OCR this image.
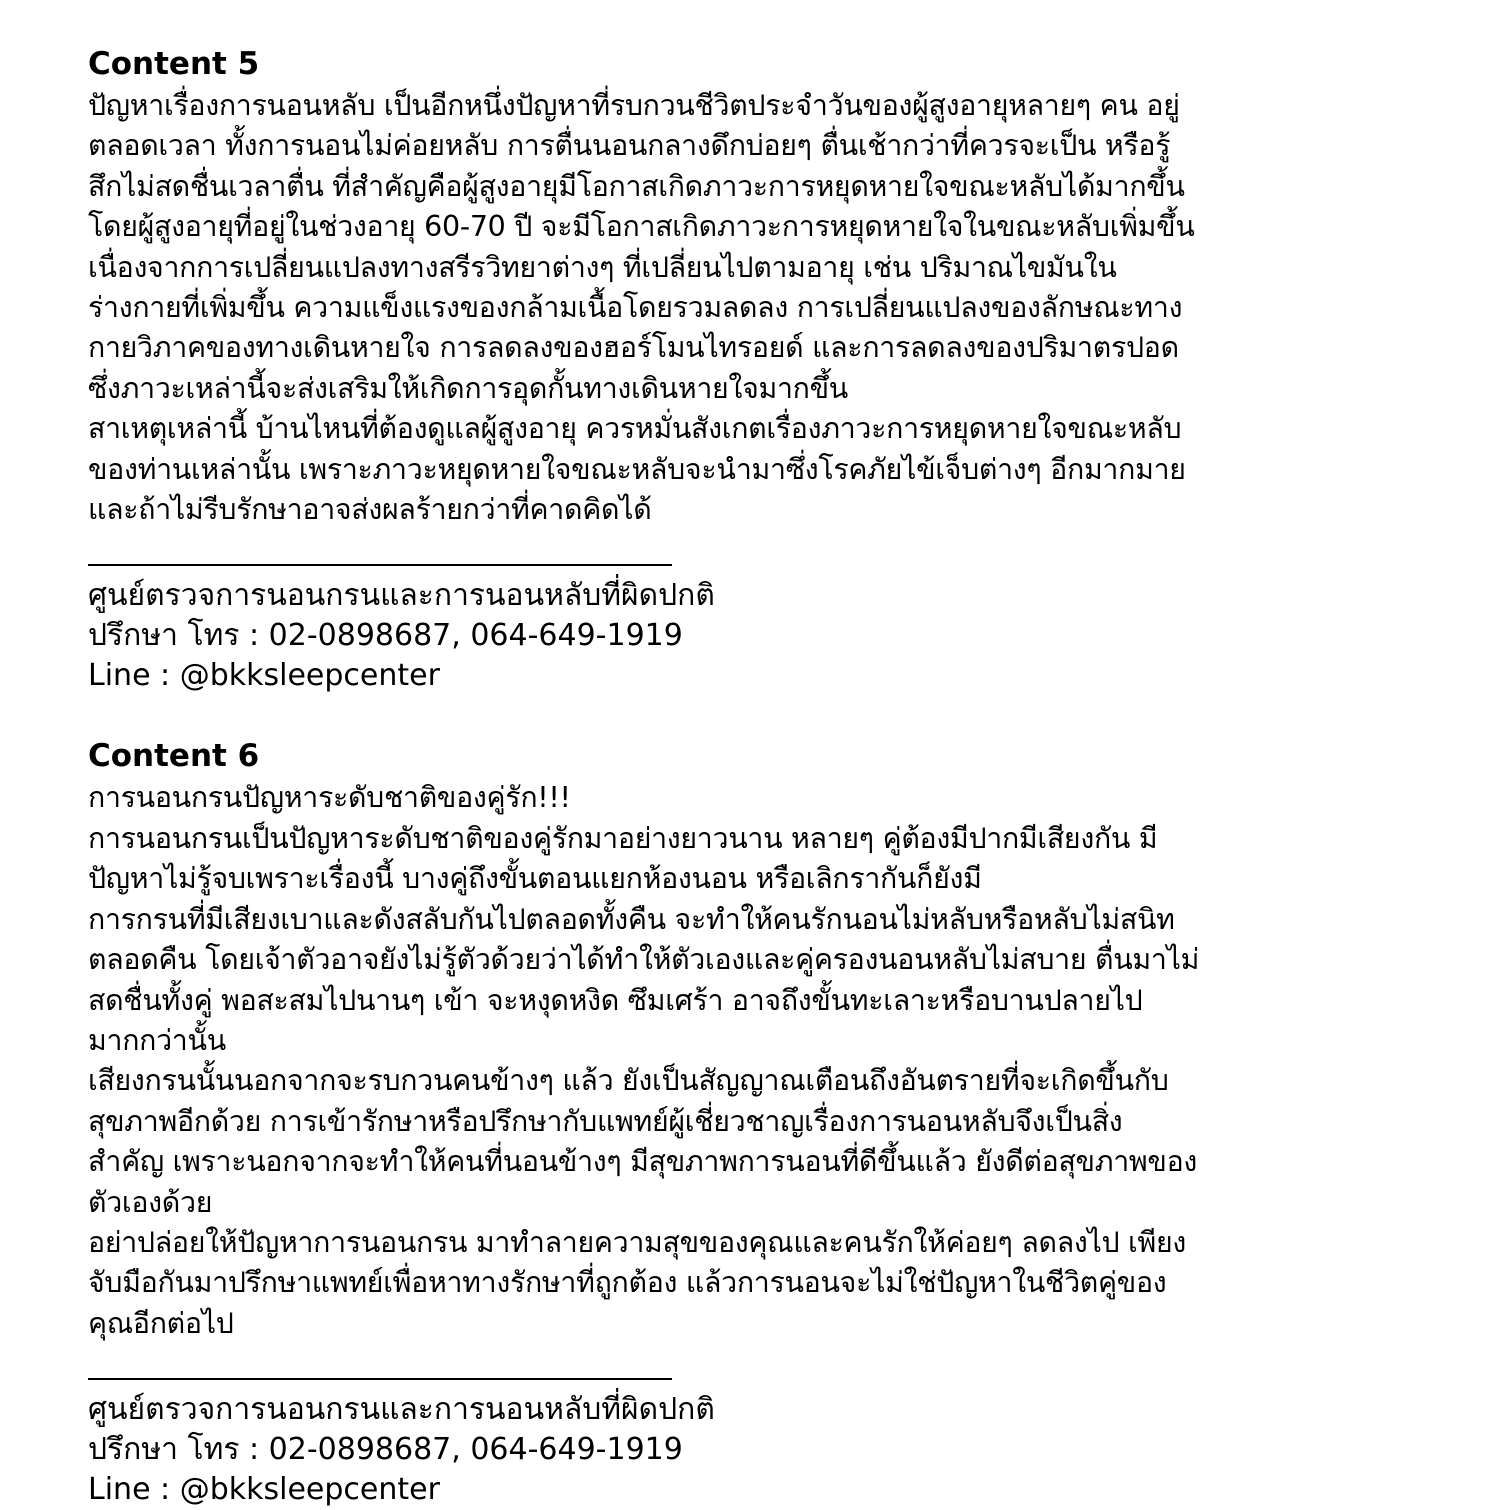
Content 5

ปัญหาเรื่องการนอนหลับ เป็นอีกหนึ่งปัญหาที่รบกวนชีวิตประจำวันของผู้สูงอายุหลายๆ คน อยู่

ตลอดเวลา ทั้งการนอนไม่ค่อยหลับ การตื่นนอนกลางดึกบ่อยๆ ตื่นเช้ากว่าที่ควรจะเป็น หรือรู้

สึกไม่สดชื่นเวลาตื่น ที่สำคัญคือผู้สูงอายุมีโอกาสเกิดภาวะการหยุดหายใจขณะหลับได้มากขึ้น

โดยผู้สูงอายุที่อยู่ในช่วงอายุ 60-70 ปี จะมีโอกาสเกิดภาวะการหยุดหายใจในขณะหลับเพิ่มขึ้น

เนื่องจากการเปลี่ยนแปลงทางสรีรวิทยาต่างๆ ที่เปลี่ยนไปตามอายุ เช่น ปริมาณไขมันใน

ร่างกายที่เพิ่มขึ้น ความแข็งแรงของกล้ามเนื้อโดยรวมลดลง การเปลี่ยนแปลงของลักษณะทาง

กายวิภาคของทางเดินหายใจ การลดลงของฮอร์โมนไทรอยด์ และการลดลงของปริมาตรปอด

ซึ่งภาวะเหล่านี้จะส่งเสริมให้เกิดการอุดกั้นทางเดินหายใจมากขึ้น

สาเหตุเหล่านี้ บ้านไหนที่ต้องดูแลผู้สูงอายุ ควรหมั่นสังเกตเรื่องภาวะการหยุดหายใจขณะหลับ

ของท่านเหล่านั้น เพราะภาวะหยุดหายใจขณะหลับจะนำมาซึ่งโรคภัยไข้เจ็บต่างๆ อีกมากมาย

และถ้าไม่รีบรักษาอาจส่งผลร้ายกว่าที่คาดคิดได้

ศูนย์ตรวจการนอนกรนและการนอนหลับที่ผิดปกติ

ปรึกษา โทร : 02-0898687, 064-649-1919

Line : @bkksleepcenter

Content 6

การนอนกรนปัญหาระดับชาติของคู่รัก!!!

การนอนกรนเป็นปัญหาระดับชาติของคู่รักมาอย่างยาวนาน หลายๆ คู่ต้องมีปากมีเสียงกัน มี

ปัญหาไม่รู้จบเพราะเรื่องนี้ บางคู่ถึงขั้นตอนแยกห้องนอน หรือเลิกรากันก็ยังมี

การกรนที่มีเสียงเบาและดังสลับกันไปตลอดทั้งคืน จะทำให้คนรักนอนไม่หลับหรือหลับไม่สนิท

ตลอดคืน โดยเจ้าตัวอาจยังไม่รู้ตัวด้วยว่าได้ทำให้ตัวเองและคู่ครองนอนหลับไม่สบาย ตื่นมาไม่

สดชื่นทั้งคู่ พอสะสมไปนานๆ เข้า จะหงุดหงิด ซึมเศร้า อาจถึงขั้นทะเลาะหรือบานปลายไป

มากกว่านั้น

เสียงกรนนั้นนอกจากจะรบกวนคนข้างๆ แล้ว ยังเป็นสัญญาณเตือนถึงอันตรายที่จะเกิดขึ้นกับ

สุขภาพอีกด้วย การเข้ารักษาหรือปรึกษากับแพทย์ผู้เชี่ยวชาญเรื่องการนอนหลับจึงเป็นสิ่ง

สำคัญ เพราะนอกจากจะทำให้คนที่นอนข้างๆ มีสุขภาพการนอนที่ดีขึ้นแล้ว ยังดีต่อสุขภาพของ

ตัวเองด้วย

อย่าปล่อยให้ปัญหาการนอนกรน มาทำลายความสุขของคุณและคนรักให้ค่อยๆ ลดลงไป เพียง

จับมือกันมาปรึกษาแพทย์เพื่อหาทางรักษาที่ถูกต้อง แล้วการนอนจะไม่ใช่ปัญหาในชีวิตคู่ของ

คุณอีกต่อไป

ศูนย์ตรวจการนอนกรนและการนอนหลับที่ผิดปกติ

ปรึกษา โทร : 02-0898687, 064-649-1919

Line : @bkksleepcenter
